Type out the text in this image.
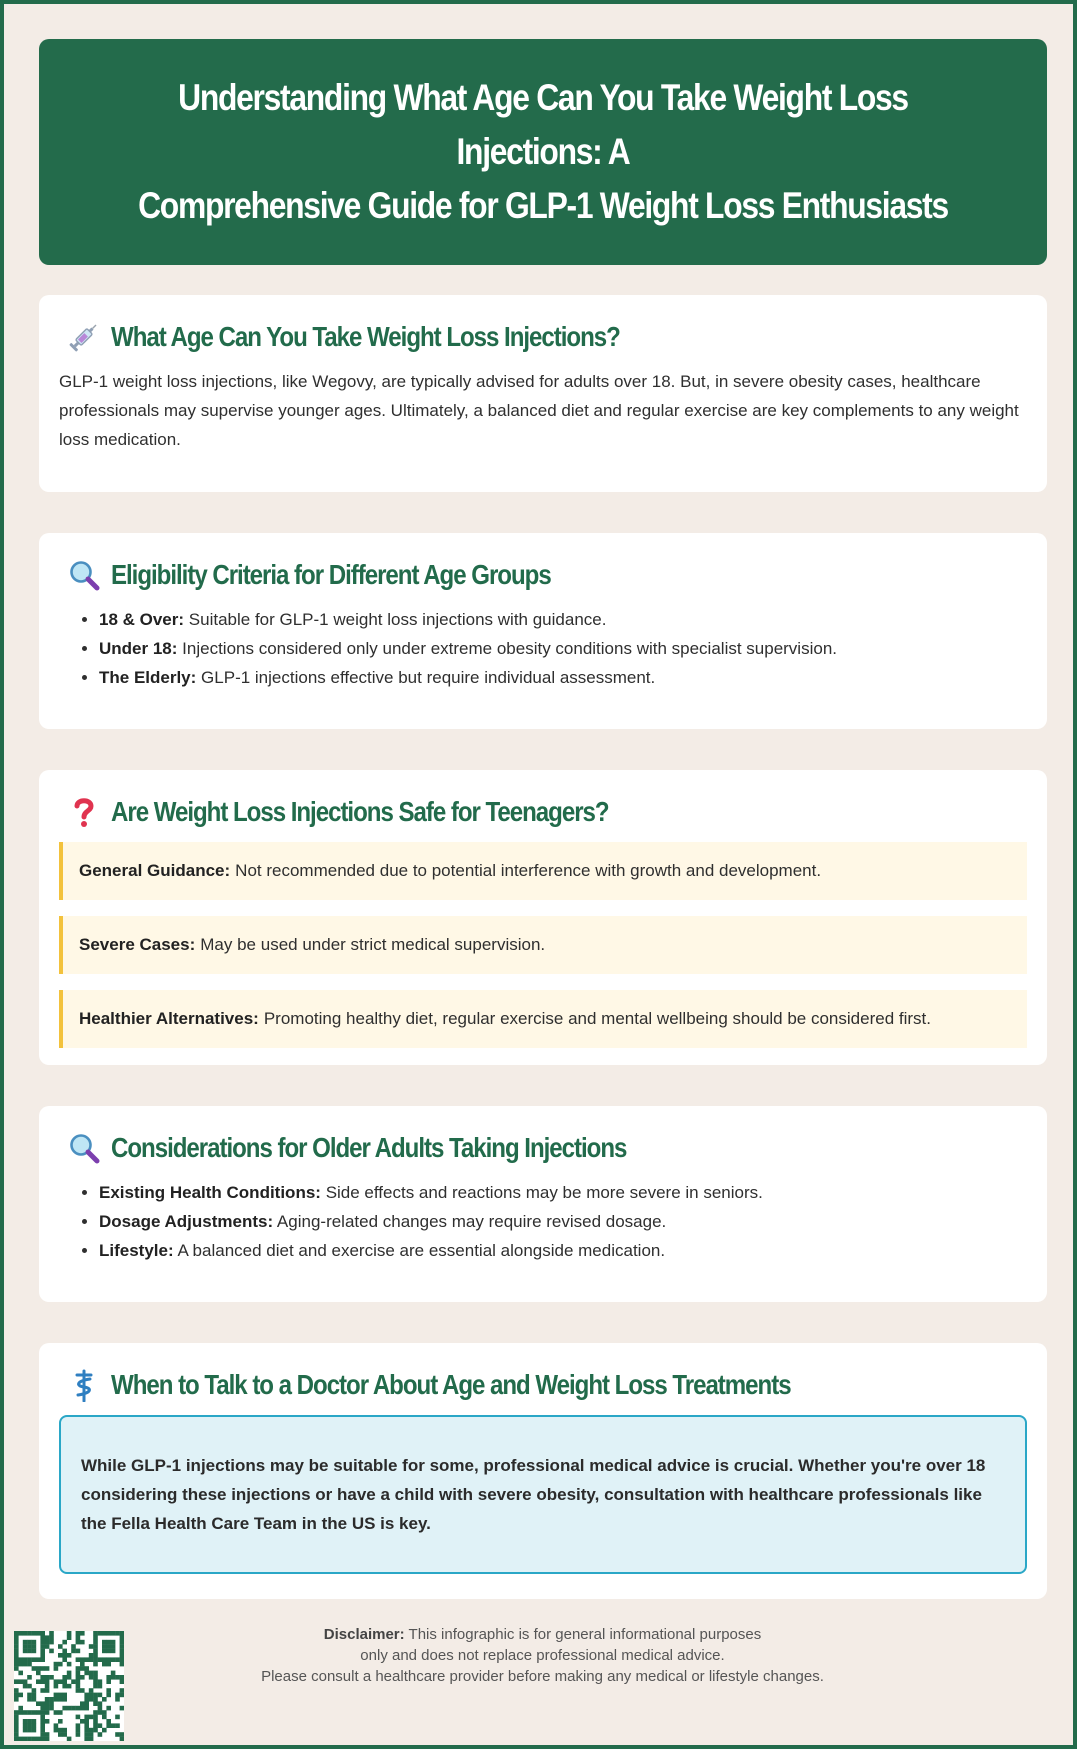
Understanding What Age Can You Take Weight Loss Injections: A
Comprehensive Guide for GLP-1 Weight Loss Enthusiasts
What Age Can You Take Weight Loss Injections?

GLP-1 weight loss injections, like Wegovy, are typically advised for adults over 18. But, in severe obesity cases, healthcare professionals may supervise younger ages. Ultimately, a balanced diet and regular exercise are key complements to any weight loss medication.

Eligibility Criteria for Different Age Groups
• 18 & Over: Suitable for GLP-1 weight loss injections with guidance.
• Under 18: Injections considered only under extreme obesity conditions with specialist supervision.
• The Elderly: GLP-1 injections effective but require individual assessment.
Are Weight Loss Injections Safe for Teenagers?
General Guidance: Not recommended due to potential interference with growth and development.
Severe Cases: May be used under strict medical supervision.
Healthier Alternatives: Promoting healthy diet, regular exercise and mental wellbeing should be considered first.
Considerations for Older Adults Taking Injections
• Existing Health Conditions: Side effects and reactions may be more severe in seniors.
• Dosage Adjustments: Aging-related changes may require revised dosage.
• Lifestyle: A balanced diet and exercise are essential alongside medication.
When to Talk to a Doctor About Age and Weight Loss Treatments
While GLP-1 injections may be suitable for some, professional medical advice is crucial. Whether you're over 18 considering these injections or have a child with severe obesity, consultation with healthcare professionals like the Fella Health Care Team in the US is key.
Disclaimer: This infographic is for general informational purposes
only and does not replace professional medical advice.
Please consult a healthcare provider before making any medical or lifestyle changes.
